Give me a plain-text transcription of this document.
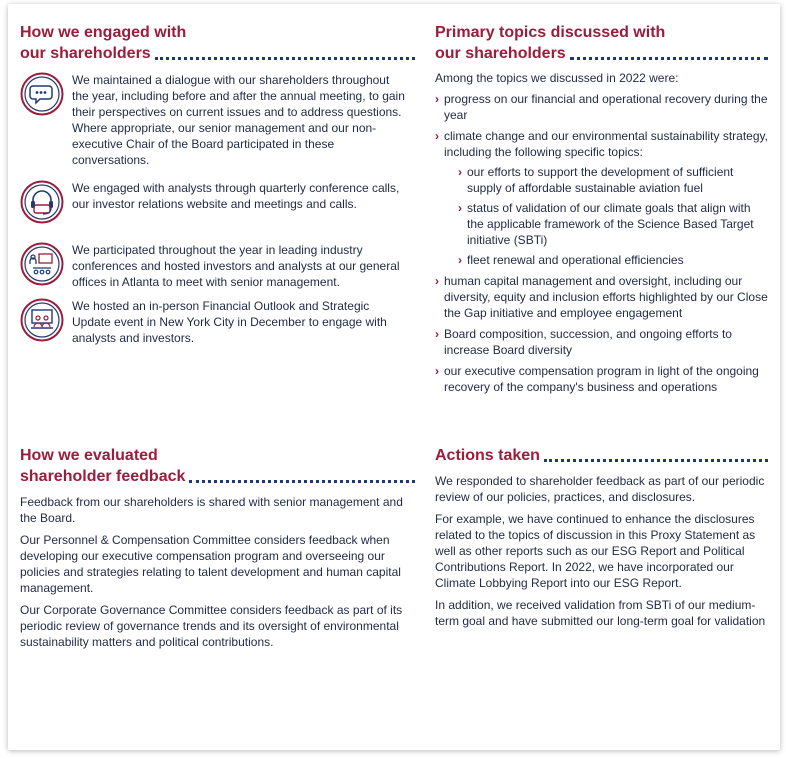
How we engaged with
our shareholders
We maintained a dialogue with our shareholders throughout the year, including before and after the annual meeting, to gain their perspectives on current issues and to address questions. Where appropriate, our senior management and our non-executive Chair of the Board participated in these conversations.
We engaged with analysts through quarterly conference calls, our investor relations website and meetings and calls.
We participated throughout the year in leading industry conferences and hosted investors and analysts at our general offices in Atlanta to meet with senior management.
We hosted an in-person Financial Outlook and Strategic Update event in New York City in December to engage with analysts and investors.
Primary topics discussed with
our shareholders
Among the topics we discussed in 2022 were:
› progress on our financial and operational recovery during the year
› climate change and our environmental sustainability strategy, including the following specific topics:
› our efforts to support the development of sufficient supply of affordable sustainable aviation fuel
› status of validation of our climate goals that align with the applicable framework of the Science Based Target initiative (SBTi)
› fleet renewal and operational efficiencies
› human capital management and oversight, including our diversity, equity and inclusion efforts highlighted by our Close the Gap initiative and employee engagement
› Board composition, succession, and ongoing efforts to increase Board diversity
› our executive compensation program in light of the ongoing recovery of the company's business and operations
How we evaluated
shareholder feedback
Feedback from our shareholders is shared with senior management and the Board.
Our Personnel & Compensation Committee considers feedback when developing our executive compensation program and overseeing our policies and strategies relating to talent development and human capital management.
Our Corporate Governance Committee considers feedback as part of its periodic review of governance trends and its oversight of environmental sustainability matters and political contributions.
Actions taken
We responded to shareholder feedback as part of our periodic review of our policies, practices, and disclosures.
For example, we have continued to enhance the disclosures related to the topics of discussion in this Proxy Statement as well as other reports such as our ESG Report and Political Contributions Report. In 2022, we have incorporated our Climate Lobbying Report into our ESG Report.
In addition, we received validation from SBTi of our medium-term goal and have submitted our long-term goal for validation
